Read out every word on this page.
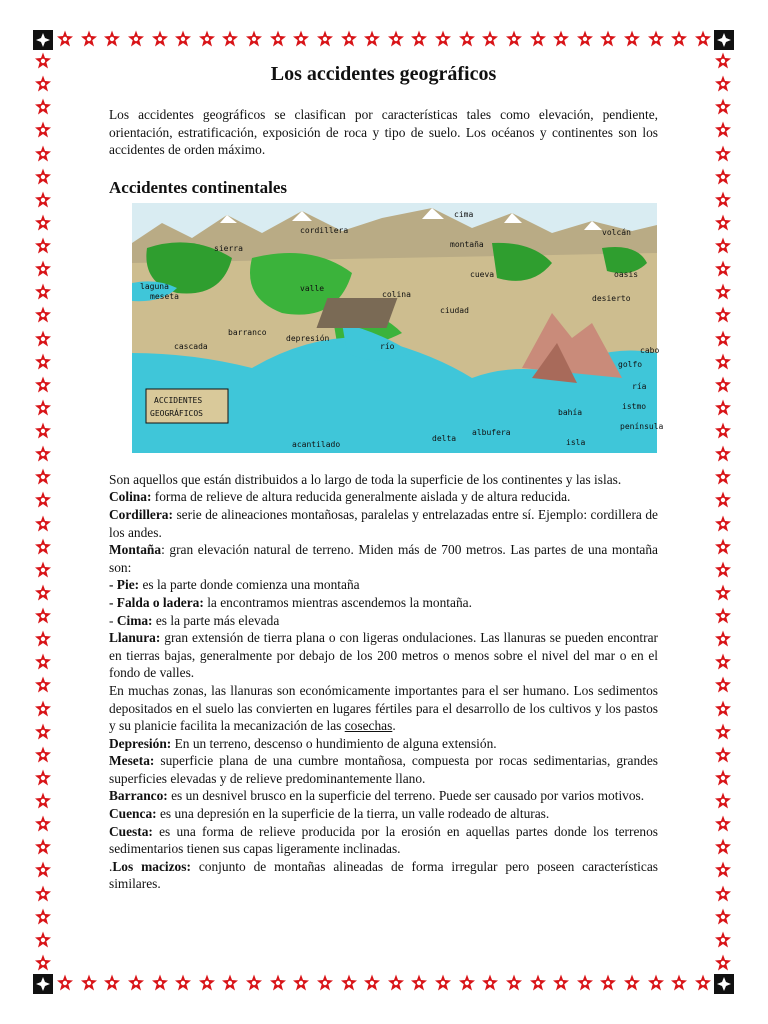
Los accidentes geográficos

Los accidentes geográficos se clasifican por características tales como elevación, pendiente, orientación, estratificación, exposición de roca y tipo de suelo. Los océanos y continentes son los accidentes de orden máximo.

Accidentes continentales
ACCIDENTES
GEOGRÁFICOS
cima
cordillera	volcán
sierra	montaña
oasis
cueva
laguna
meseta
valle
colina	desierto
ciudad
barranco
depresión
cascada	río	cabo
golfo
ría
istmo
bahía
península
albufera
delta	isla
acantilado

Son aquellos que están distribuidos a lo largo de toda la superficie de los continentes y las islas.

Colina: forma de relieve de altura reducida generalmente aislada y de altura reducida.

Cordillera: serie de alineaciones montañosas, paralelas y entrelazadas entre sí. Ejemplo: cordillera de los andes.

Montaña: gran elevación natural de terreno. Miden más de 700 metros. Las partes de una montaña son:

- Pie: es la parte donde comienza una montaña

- Falda o ladera: la encontramos mientras ascendemos la montaña.

- Cima: es la parte más elevada

Llanura: gran extensión de tierra plana o con ligeras ondulaciones. Las llanuras se pueden encontrar en tierras bajas, generalmente por debajo de los 200 metros o menos sobre el nivel del mar o en el fondo de valles.

En muchas zonas, las llanuras son económicamente importantes para el ser humano. Los sedimentos depositados en el suelo las convierten en lugares fértiles para el desarrollo de los cultivos y los pastos y su planicie facilita la mecanización de las cosechas.

Depresión: En un terreno, descenso o hundimiento de alguna extensión.

Meseta: superficie plana de una cumbre montañosa, compuesta por rocas sedimentarias, grandes superficies elevadas y de relieve predominantemente llano.

Barranco: es un desnivel brusco en la superficie del terreno. Puede ser causado por varios motivos.

Cuenca: es una depresión en la superficie de la tierra, un valle rodeado de alturas.

Cuesta: es una forma de relieve producida por la erosión en aquellas partes donde los terrenos sedimentarios tienen sus capas ligeramente inclinadas.

.Los macizos: conjunto de montañas alineadas de forma irregular pero poseen características similares.
